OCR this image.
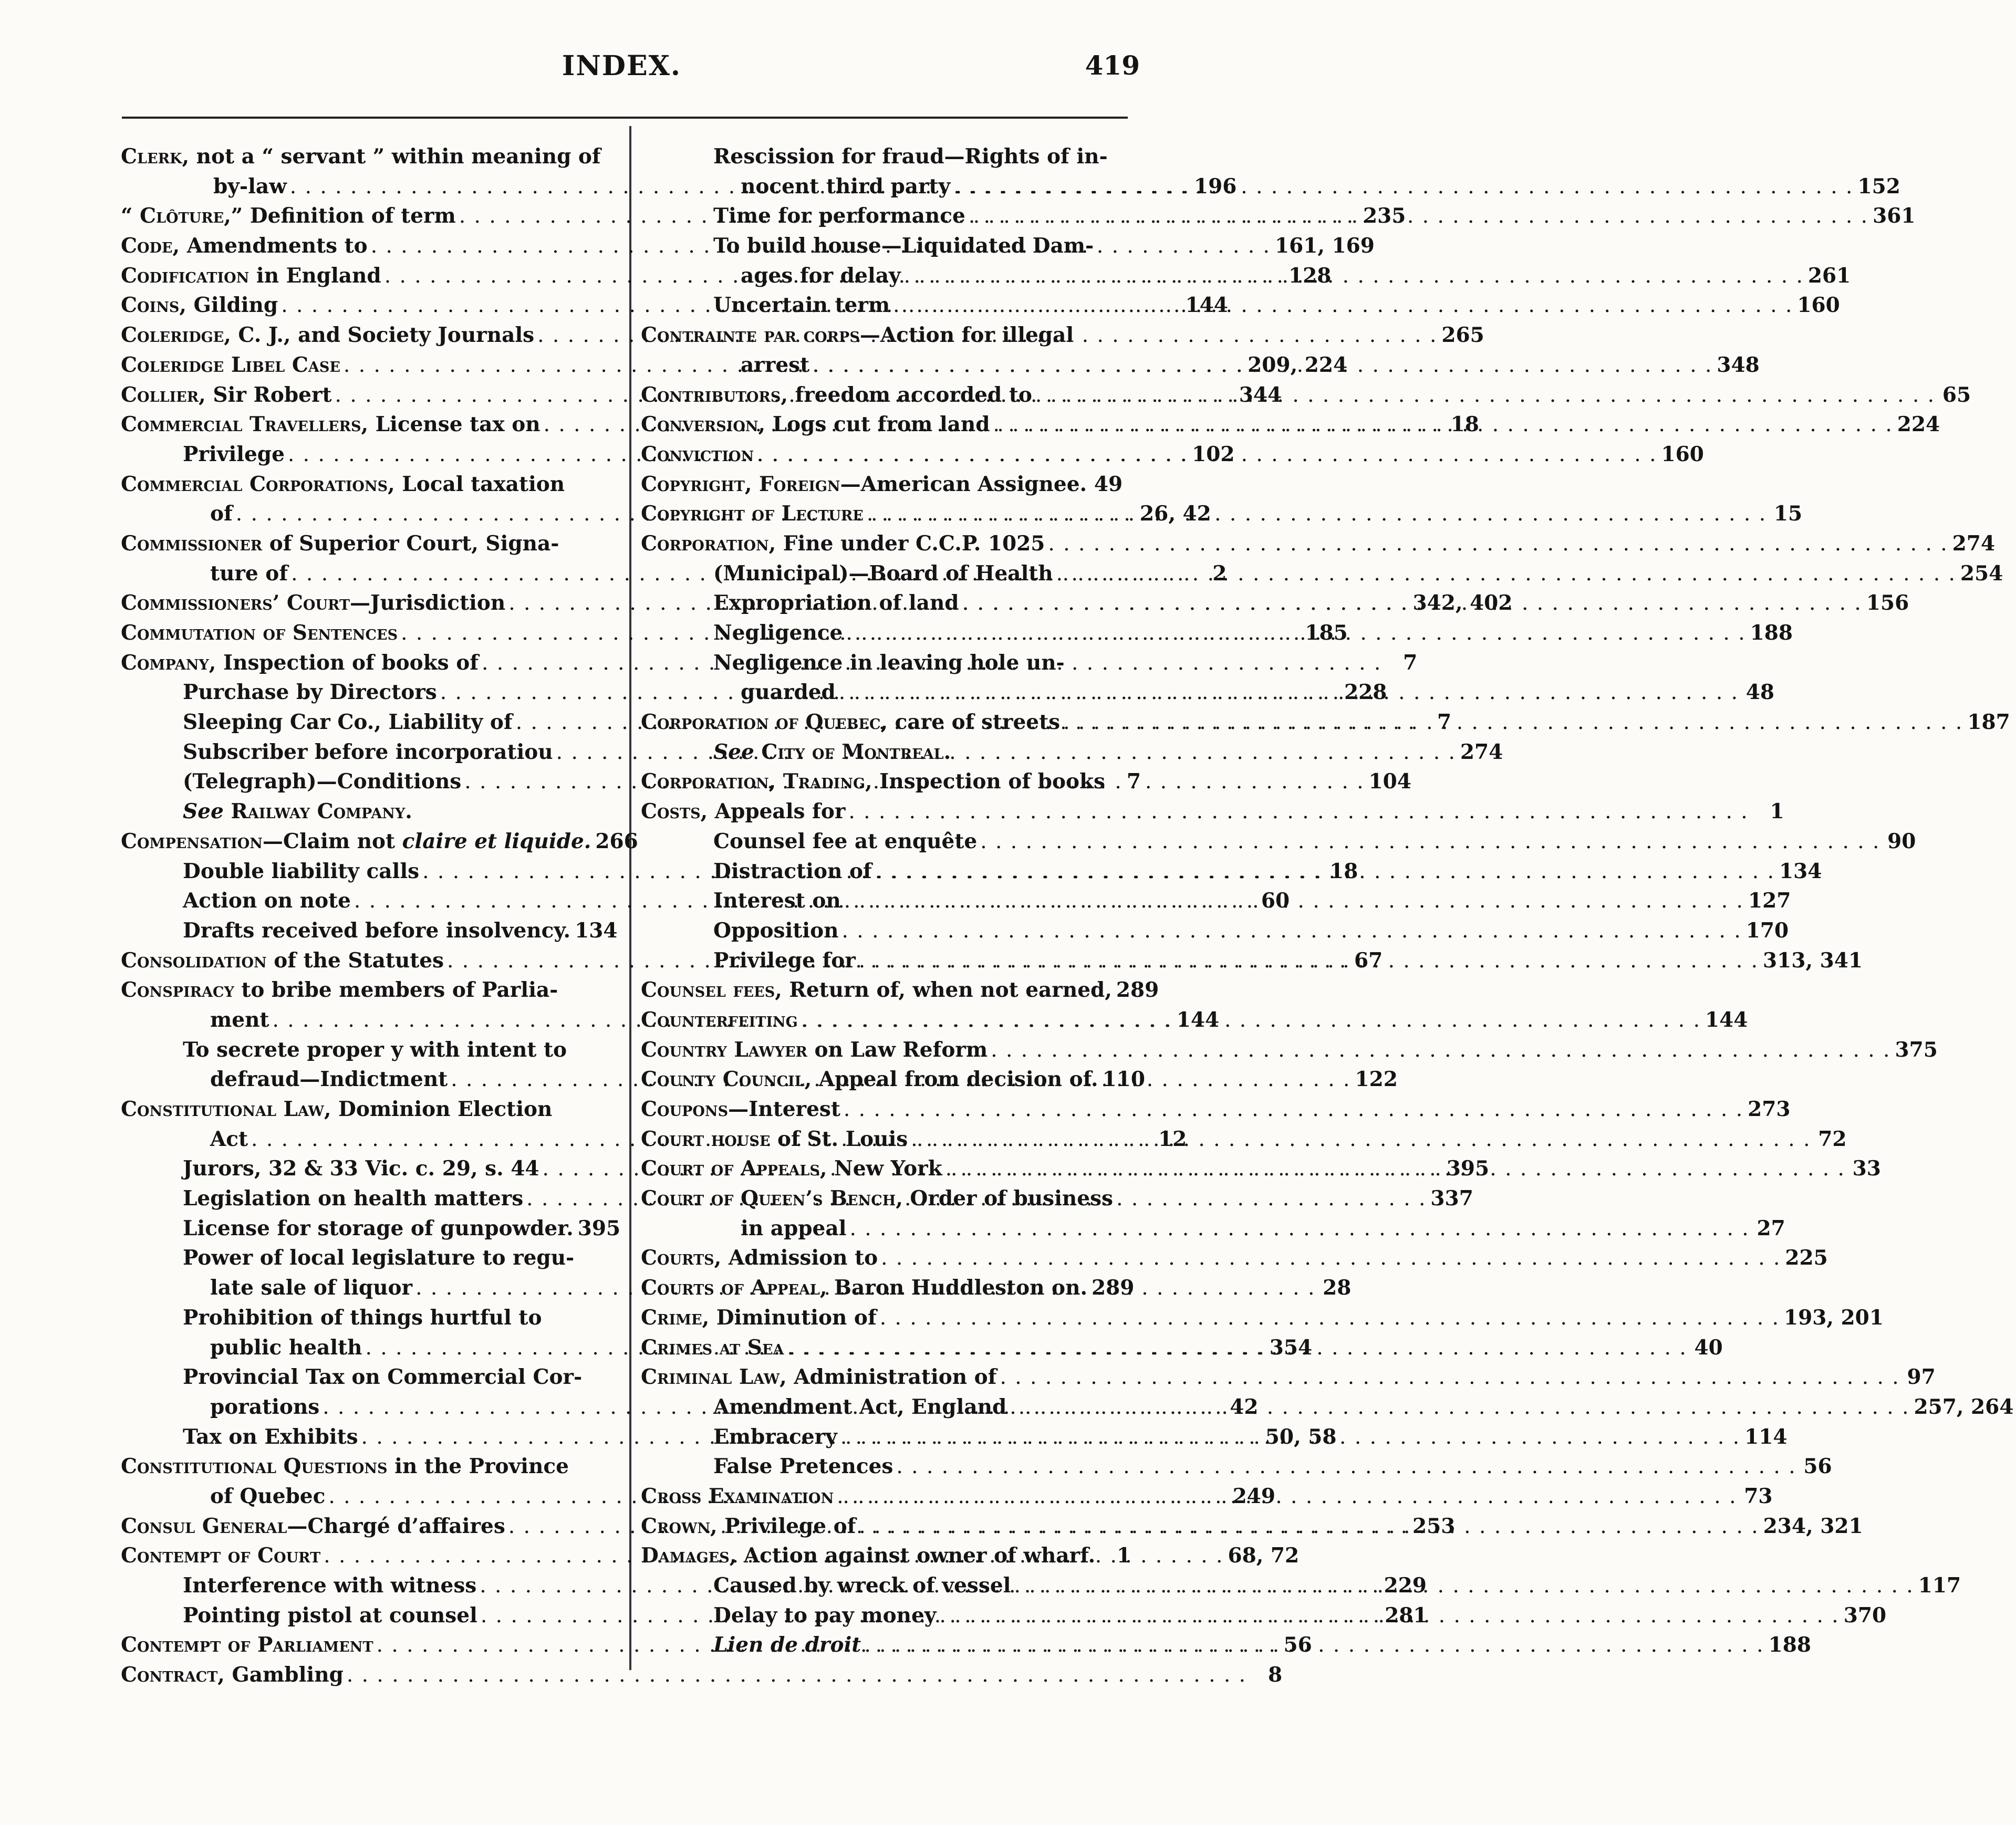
INDEX.	419
Clerk, not a “ servant ” within meaning of
by-law . . .	196
“ Clôture,” Definition of term . . .	235
Code, Amendments to . . .	161, 169
Codification in England . . .	128
Coins, Gilding . . .	144
Coleridge, C. J., and Society Journals . . .	265
Coleridge Libel Case . . .	209, 224
Collier, Sir Robert . . .	344
Commercial Travellers, License tax on . . .	18
Privilege . . .	102
Commercial Corporations, Local taxation
of . . .	26, 42
Commissioner of Superior Court, Signa-
ture of . . .	2
Commissioners’ Court—Jurisdiction . . .	342, 402
Commutation of Sentences . . .	185
Company, Inspection of books of . . .	7
Purchase by Directors . . .	228
Sleeping Car Co., Liability of . . .	7
Subscriber before incorporatiou . . .	274
(Telegraph)—Conditions . . .	104
See Railway Company.
Compensation—Claim not claire et liquide. 266
Double liability calls . . .	18
Action on note . . .	60
Drafts received before insolvency. 134
Consolidation of the Statutes . . .	67
Conspiracy to bribe members of Parlia-
ment . . .	144
To secrete proper y with intent to
defraud—Indictment . . .	122
Constitutional Law, Dominion Election
Act . . .	12
Jurors, 32 & 33 Vic. c. 29, s. 44 . . .	395
Legislation on health matters . . .	337
License for storage of gunpowder. 395
Power of local legislature to regu-
late sale of liquor . . .	28
Prohibition of things hurtful to
public health . . .	354
Provincial Tax on Commercial Cor-
porations . . .	42
Tax on Exhibits . . .	50, 58
Constitutional Questions in the Province
of Quebec . . .	249
Consul General—Chargé d’affaires . . .	253
Contempt of Court . . .	68, 72
Interference with witness . . .	229
Pointing pistol at counsel . . .	281
Contempt of Parliament . . .	56
Contract, Gambling . . .	8
Rescission for fraud—Rights of in-
nocent third party . . .	152
Time for performance . . .	361
To build house—Liquidated Dam-
ages for delay . . .	261
Uncertain term . . .	160
Contrainte par corps—Action for illegal
arrest . . .	348
Contributors, freedom accorded to . . .	65
Conversion, Logs cut from land . . .	224
Conviction . . .	160
Copyright, Foreign—American Assignee. 49
Copyright of Lecture . . .	15
Corporation, Fine under C.C.P. 1025 . . .	274
(Municipal)—Board of Health . . .	254
Expropriation of land . . .	156
Negligence . . .	188
Negligence in leaving hole un-
guarded . . .	48
Corporation of Quebec, care of streets . . .	187
See City of Montreal.
Corporation, Trading, Inspection of books	7
Costs, Appeals for . . .	1
Counsel fee at enquête . . .	90
Distraction of . . .	134
Interest on . . .	127
Opposition . . .	170
Privilege for . . .	313, 341
Counsel fees, Return of, when not earned, 289
Counterfeiting . . .	144
Country Lawyer on Law Reform . . .	375
County Council, Appeal from decision of. 110
Coupons—Interest . . .	273
Court house of St. Louis . . .	72
Court of Appeals, New York . . .	33
Court of Queen’s Bench, Order of business
in appeal . . .	27
Courts, Admission to . . .	225
Courts of Appeal, Baron Huddleston on. 289
Crime, Diminution of . . .	193, 201
Crimes at Sea . . .	40
Criminal Law, Administration of . . .	97
Amendment Act, England . . .	257, 264
Embracery . . .	114
False Pretences . . .	56
Cross Examination . . .	73
Crown, Privilege of . . .	234, 321
Damages, Action against owner of wharf.	1
Caused by wreck of vessel . . .	117
Delay to pay money . . .	370
Lien de droit . . .	188
